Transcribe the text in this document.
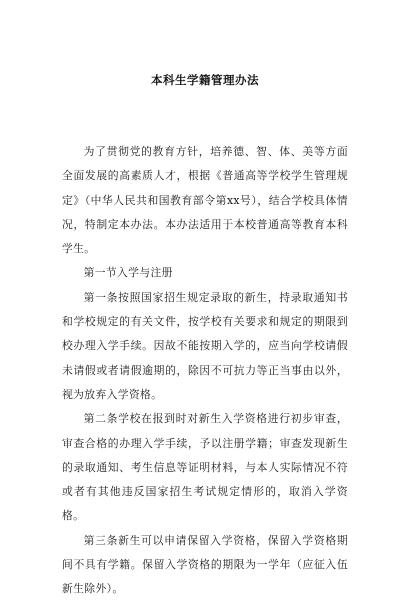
本科生学籍管理办法

为了贯彻党的教育方针，培养德、智、体、美等方面全面发展的高素质人才，根据《普通高等学校学生管理规定》（中华人民共和国教育部令第xx号），结合学校具体情况，特制定本办法。本办法适用于本校普通高等教育本科学生。

第一节入学与注册

第一条按照国家招生规定录取的新生，持录取通知书和学校规定的有关文件，按学校有关要求和规定的期限到校办理入学手续。因故不能按期入学的，应当向学校请假未请假或者请假逾期的，除因不可抗力等正当事由以外，视为放弃入学资格。

第二条学校在报到时对新生入学资格进行初步审查，审查合格的办理入学手续，予以注册学籍；审查发现新生的录取通知、考生信息等证明材料，与本人实际情况不符或者有其他违反国家招生考试规定情形的，取消入学资格。

第三条新生可以申请保留入学资格，保留入学资格期间不具有学籍。保留入学资格的期限为一学年（应征入伍新生除外）。
